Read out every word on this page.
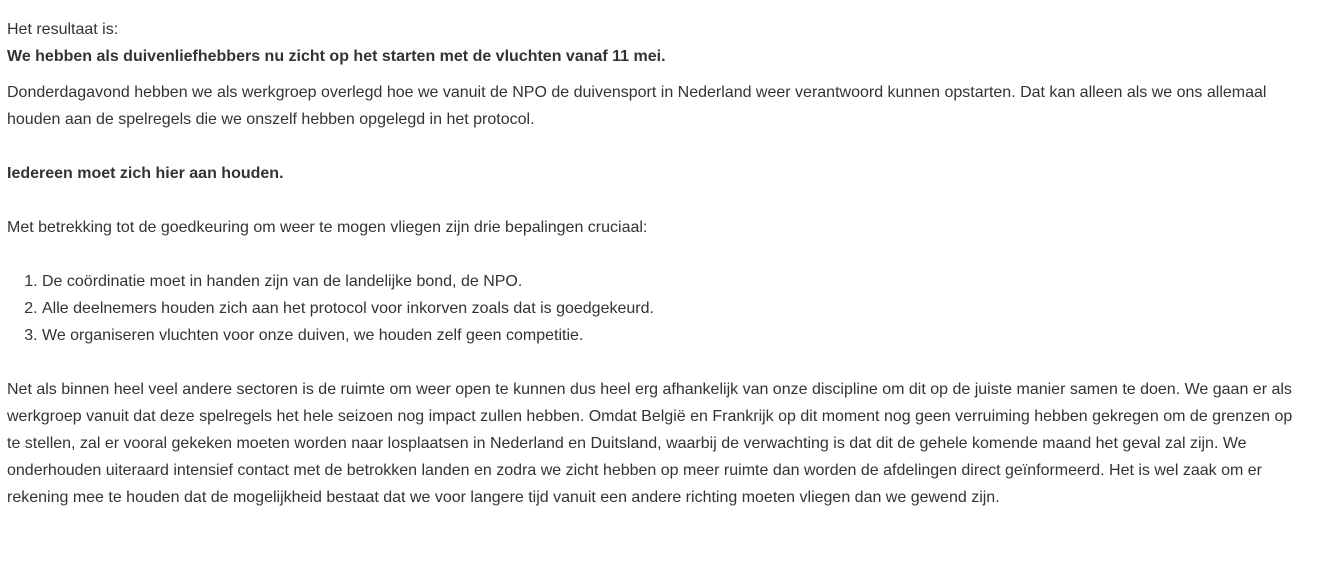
Het resultaat is:

We hebben als duivenliefhebbers nu zicht op het starten met de vluchten vanaf 11 mei.

Donderdagavond hebben we als werkgroep overlegd hoe we vanuit de NPO de duivensport in Nederland weer verantwoord kunnen opstarten. Dat kan alleen als we ons allemaal houden aan de spelregels die we onszelf hebben opgelegd in het protocol.

Iedereen moet zich hier aan houden.

Met betrekking tot de goedkeuring om weer te mogen vliegen zijn drie bepalingen cruciaal:

1. De coördinatie moet in handen zijn van de landelijke bond, de NPO.
2. Alle deelnemers houden zich aan het protocol voor inkorven zoals dat is goedgekeurd.
3. We organiseren vluchten voor onze duiven, we houden zelf geen competitie.

Net als binnen heel veel andere sectoren is de ruimte om weer open te kunnen dus heel erg afhankelijk van onze discipline om dit op de juiste manier samen te doen. We gaan er als werkgroep vanuit dat deze spelregels het hele seizoen nog impact zullen hebben. Omdat België en Frankrijk op dit moment nog geen verruiming hebben gekregen om de grenzen op te stellen, zal er vooral gekeken moeten worden naar losplaatsen in Nederland en Duitsland, waarbij de verwachting is dat dit de gehele komende maand het geval zal zijn. We onderhouden uiteraard intensief contact met de betrokken landen en zodra we zicht hebben op meer ruimte dan worden de afdelingen direct geïnformeerd. Het is wel zaak om er rekening mee te houden dat de mogelijkheid bestaat dat we voor langere tijd vanuit een andere richting moeten vliegen dan we gewend zijn.
